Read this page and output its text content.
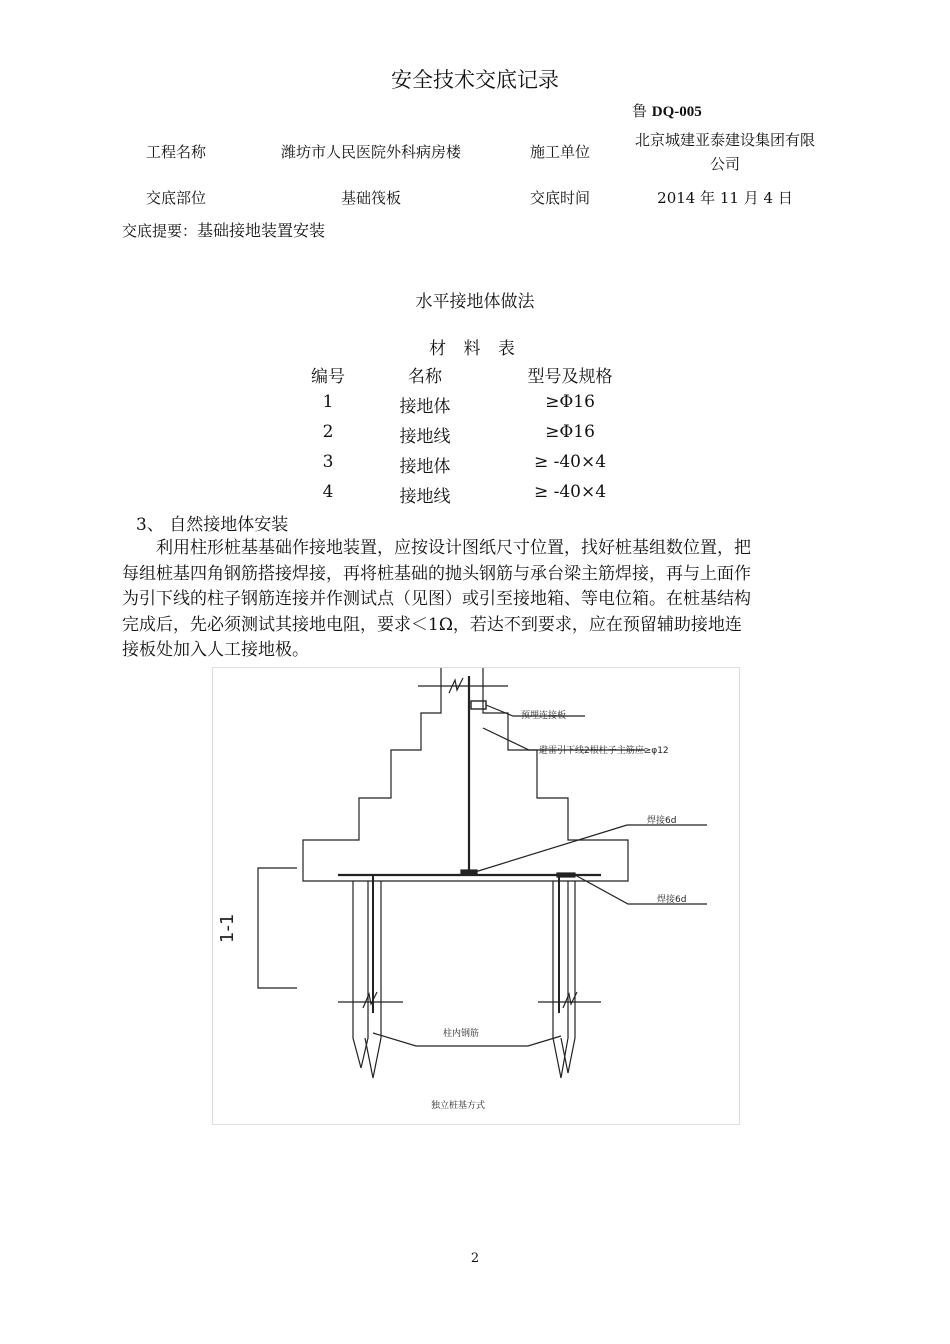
安全技术交底记录
鲁 DQ-005
工程名称	潍坊市人民医院外科病房楼	施工单位
北京城建亚泰建设集团有限
公司
交底部位	基础筏板	交底时间	2014 年 11 月 4 日
交底提要：基础接地装置安装
水平接地体做法
材 料 表
编号	名称	型号及规格
1	接地体	≥Φ16
2	接地线	≥Φ16
3	接地体	≥ -40×4
4	接地线	≥ -40×4
3、 自然接地体安装
利用柱形桩基基础作接地装置，应按设计图纸尺寸位置，找好桩基组数位置，把
每组桩基四角钢筋搭接焊接，再将桩基础的抛头钢筋与承台梁主筋焊接，再与上面作
为引下线的柱子钢筋连接并作测试点（见图）或引至接地箱、等电位箱。在桩基结构
完成后，先必须测试其接地电阻，要求＜1Ω，若达不到要求，应在预留辅助接地连
接板处加入人工接地极。
预埋连接板
避雷引下线2根柱子主筋应≥φ12
焊接6d
焊接6d
柱内钢筋
独立桩基方式
1-1
2
